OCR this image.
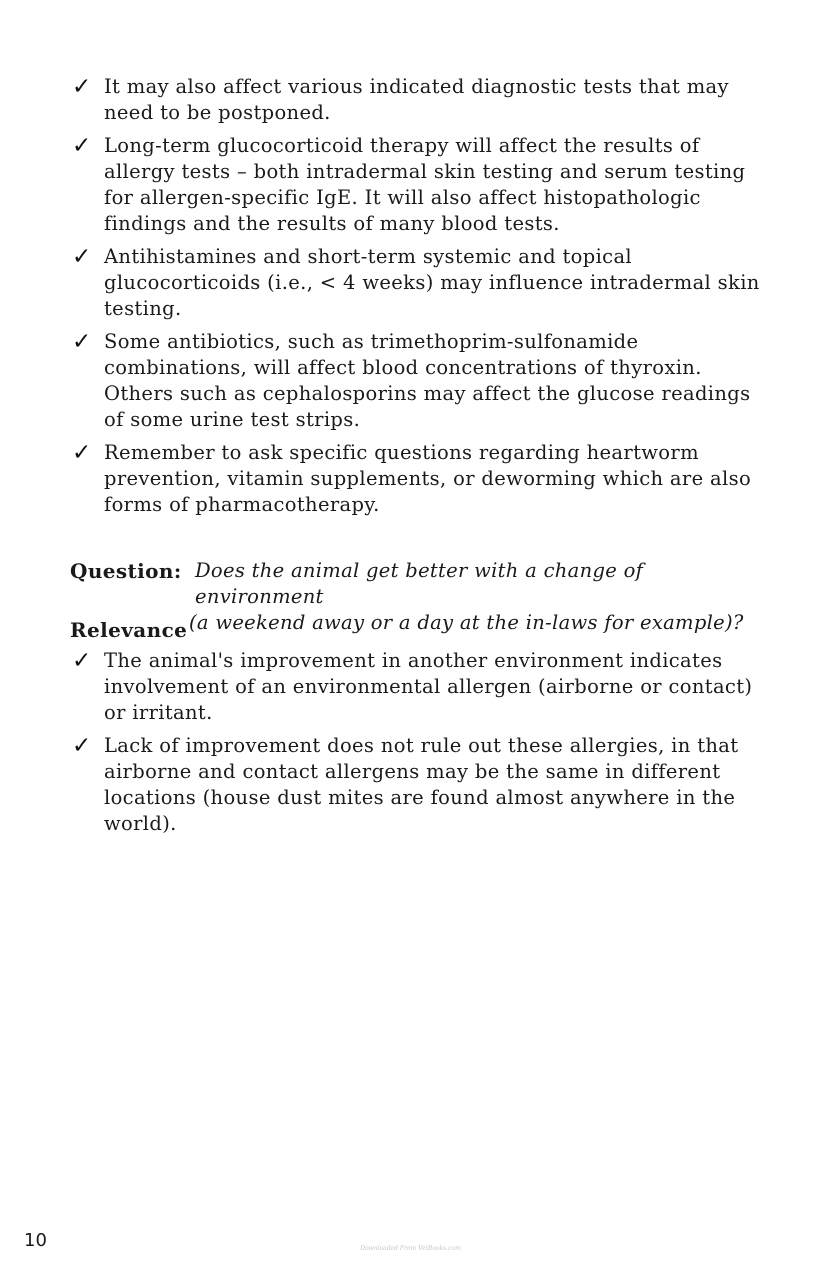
✓ It may also affect various indicated diagnostic tests that may need to be postponed.
✓ Long-term glucocorticoid therapy will affect the results of allergy tests – both intradermal skin testing and serum testing for allergen-specific IgE. It will also affect histopathologic findings and the results of many blood tests.
✓ Antihistamines and short-term systemic and topical glucocorticoids (i.e., < 4 weeks) may influence intradermal skin testing.
✓ Some antibiotics, such as trimethoprim-sulfonamide combinations, will affect blood concentrations of thyroxin. Others such as cephalosporins may affect the glucose readings of some urine test strips.
✓ Remember to ask specific questions regarding heartworm prevention, vitamin supplements, or deworming which are also forms of pharmacotherapy.
Question: Does the animal get better with a change of environment
(a weekend away or a day at the in-laws for example)?
Relevance
✓ The animal's improvement in another environment indicates involvement of an environmental allergen (airborne or contact) or irritant.
✓ Lack of improvement does not rule out these allergies, in that airborne and contact allergens may be the same in different locations (house dust mites are found almost anywhere in the world).
10	Downloaded From VetBooks.com
